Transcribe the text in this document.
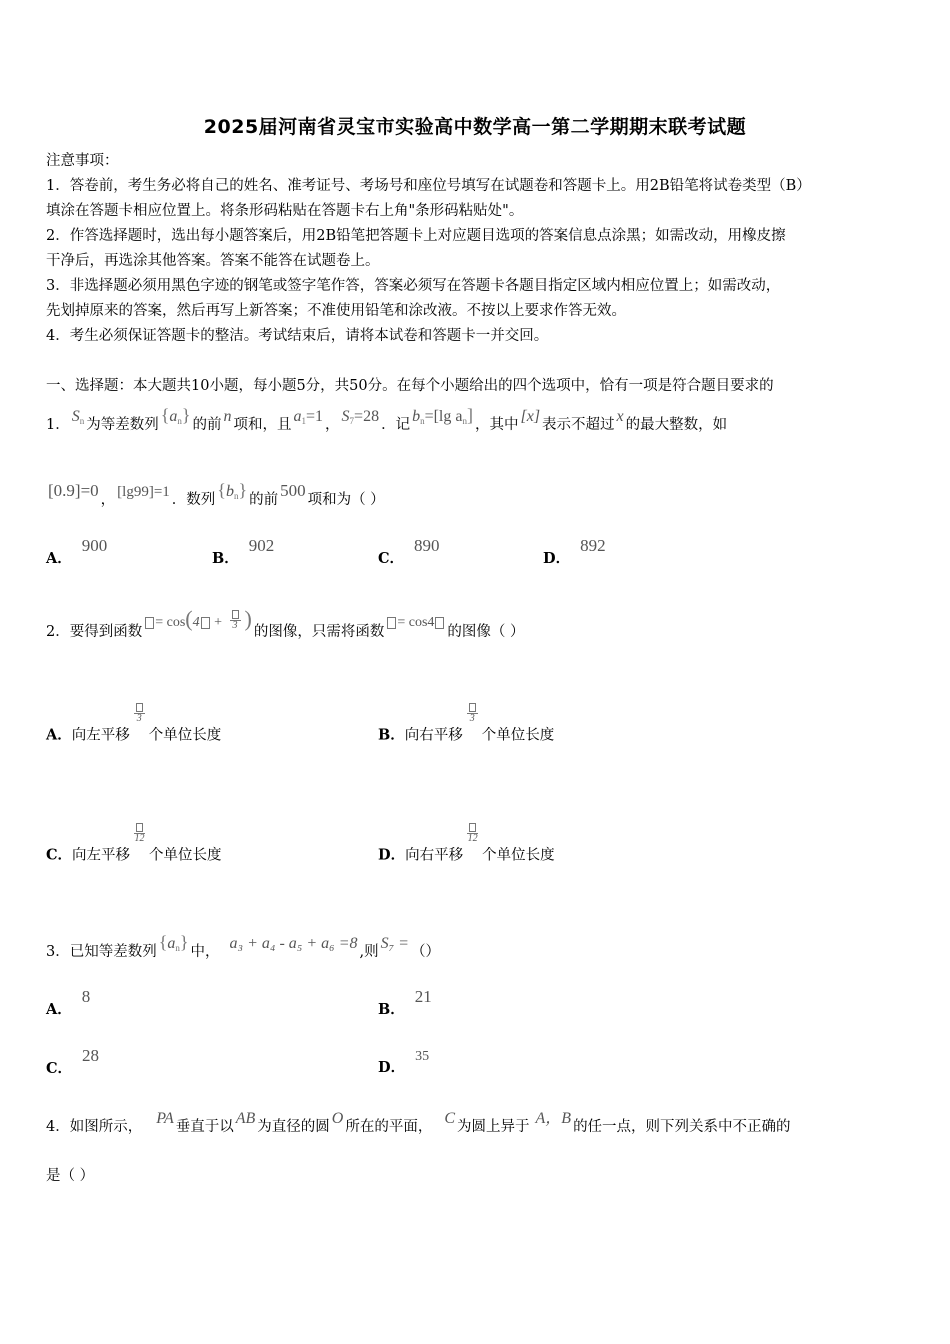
2025届河南省灵宝市实验高中数学高一第二学期期末联考试题
注意事项：
1．答卷前，考生务必将自己的姓名、准考证号、考场号和座位号填写在试题卷和答题卡上。用2B铅笔将试卷类型（B）
填涂在答题卡相应位置上。将条形码粘贴在答题卡右上角"条形码粘贴处"。
2．作答选择题时，选出每小题答案后，用2B铅笔把答题卡上对应题目选项的答案信息点涂黑；如需改动，用橡皮擦
干净后，再选涂其他答案。答案不能答在试题卷上。
3．非选择题必须用黑色字迹的钢笔或签字笔作答，答案必须写在答题卡各题目指定区域内相应位置上；如需改动，
先划掉原来的答案，然后再写上新答案；不准使用铅笔和涂改液。不按以上要求作答无效。
4．考生必须保证答题卡的整洁。考试结束后，请将本试卷和答题卡一并交回。
一、选择题：本大题共10小题，每小题5分，共50分。在每个小题给出的四个选项中，恰有一项是符合题目要求的
1． Sn 为等差数列 {an} 的前 n 项和，且 a1=1 ， S7=28 ．记 bn=[lg an] ，其中 [x] 表示不超过 x 的最大整数，如
[0.9]=0 ， [lg99]=1 ．数列 {bn} 的前 500 项和为（ ）
A．900
B．902
C．890
D．892
2．要得到函数= cos(4 + 3 )的图像，只需将函数= cos4的图像（ ）
A．向左平移
3
个单位长度	B．向右平移
3
个单位长度
C．向左平移
12
个单位长度	D．向右平移
12
个单位长度
3．已知等差数列 {an} 中， a₃ + a₄ - a₅ + a₆ =8 ,则 S₇ = （）
A．8
B．21
C．28
D．35
4．如图所示， PA 垂直于以 AB 为直径的圆 O 所在的平面， C 为圆上异于 A，B 的任一点，则下列关系中不正确的
是（ ）
